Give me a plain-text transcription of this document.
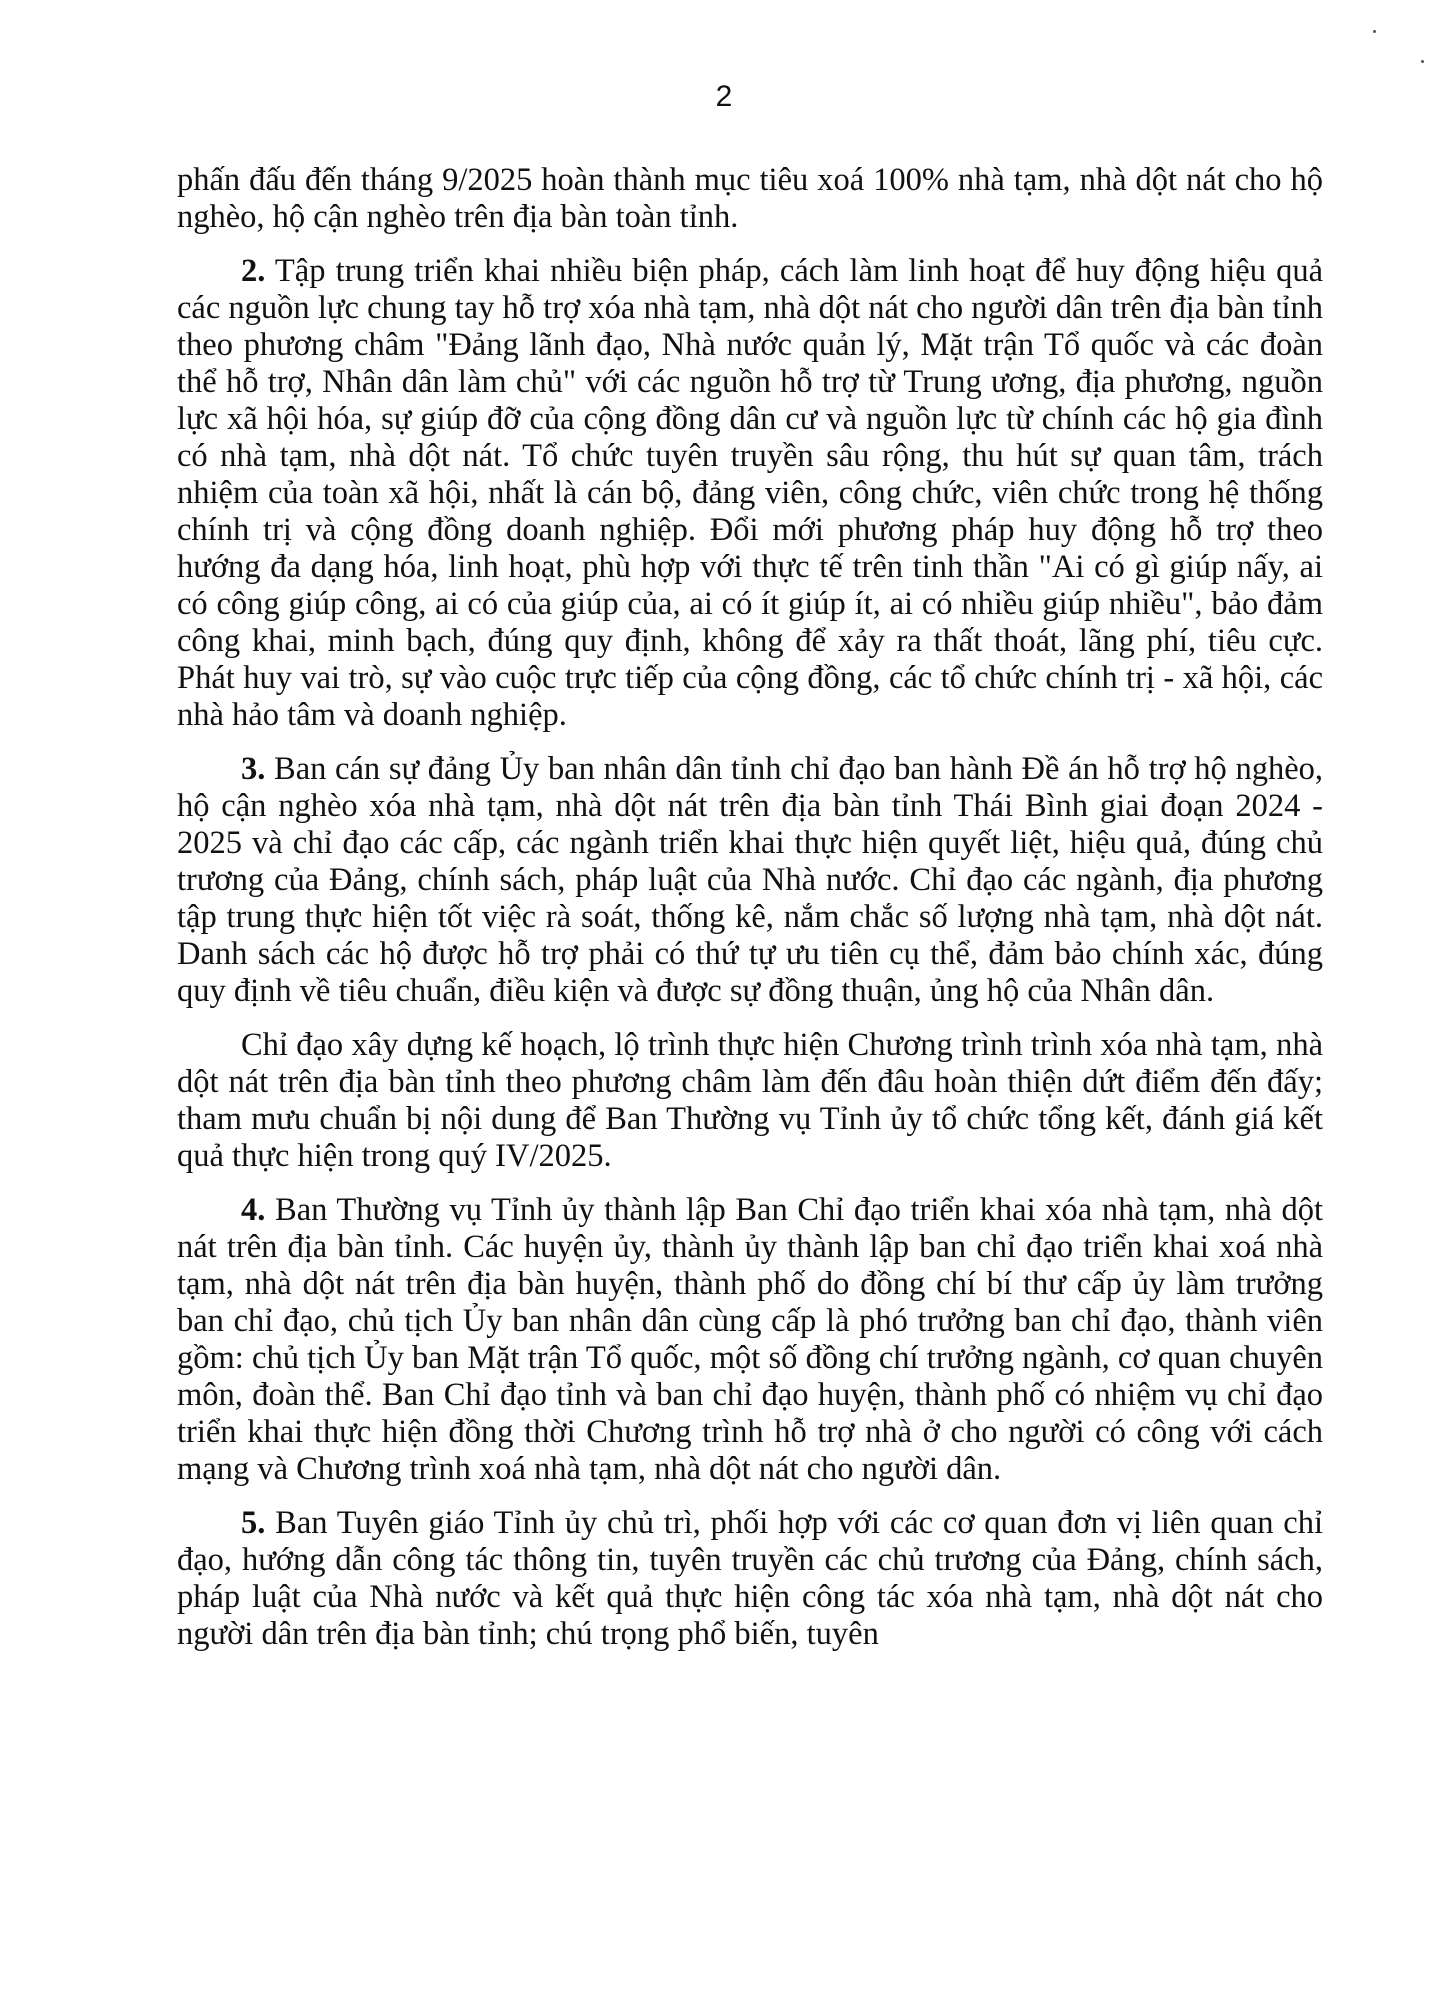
2

phấn đấu đến tháng 9/2025 hoàn thành mục tiêu xoá 100% nhà tạm, nhà dột nát cho hộ nghèo, hộ cận nghèo trên địa bàn toàn tỉnh.

2. Tập trung triển khai nhiều biện pháp, cách làm linh hoạt để huy động hiệu quả các nguồn lực chung tay hỗ trợ xóa nhà tạm, nhà dột nát cho người dân trên địa bàn tỉnh theo phương châm "Đảng lãnh đạo, Nhà nước quản lý, Mặt trận Tổ quốc và các đoàn thể hỗ trợ, Nhân dân làm chủ" với các nguồn hỗ trợ từ Trung ương, địa phương, nguồn lực xã hội hóa, sự giúp đỡ của cộng đồng dân cư và nguồn lực từ chính các hộ gia đình có nhà tạm, nhà dột nát. Tổ chức tuyên truyền sâu rộng, thu hút sự quan tâm, trách nhiệm của toàn xã hội, nhất là cán bộ, đảng viên, công chức, viên chức trong hệ thống chính trị và cộng đồng doanh nghiệp. Đổi mới phương pháp huy động hỗ trợ theo hướng đa dạng hóa, linh hoạt, phù hợp với thực tế trên tinh thần "Ai có gì giúp nấy, ai có công giúp công, ai có của giúp của, ai có ít giúp ít, ai có nhiều giúp nhiều", bảo đảm công khai, minh bạch, đúng quy định, không để xảy ra thất thoát, lãng phí, tiêu cực. Phát huy vai trò, sự vào cuộc trực tiếp của cộng đồng, các tổ chức chính trị - xã hội, các nhà hảo tâm và doanh nghiệp.

3. Ban cán sự đảng Ủy ban nhân dân tỉnh chỉ đạo ban hành Đề án hỗ trợ hộ nghèo, hộ cận nghèo xóa nhà tạm, nhà dột nát trên địa bàn tỉnh Thái Bình giai đoạn 2024 - 2025 và chỉ đạo các cấp, các ngành triển khai thực hiện quyết liệt, hiệu quả, đúng chủ trương của Đảng, chính sách, pháp luật của Nhà nước. Chỉ đạo các ngành, địa phương tập trung thực hiện tốt việc rà soát, thống kê, nắm chắc số lượng nhà tạm, nhà dột nát. Danh sách các hộ được hỗ trợ phải có thứ tự ưu tiên cụ thể, đảm bảo chính xác, đúng quy định về tiêu chuẩn, điều kiện và được sự đồng thuận, ủng hộ của Nhân dân.

Chỉ đạo xây dựng kế hoạch, lộ trình thực hiện Chương trình trình xóa nhà tạm, nhà dột nát trên địa bàn tỉnh theo phương châm làm đến đâu hoàn thiện dứt điểm đến đấy; tham mưu chuẩn bị nội dung để Ban Thường vụ Tỉnh ủy tổ chức tổng kết, đánh giá kết quả thực hiện trong quý IV/2025.

4. Ban Thường vụ Tỉnh ủy thành lập Ban Chỉ đạo triển khai xóa nhà tạm, nhà dột nát trên địa bàn tỉnh. Các huyện ủy, thành ủy thành lập ban chỉ đạo triển khai xoá nhà tạm, nhà dột nát trên địa bàn huyện, thành phố do đồng chí bí thư cấp ủy làm trưởng ban chỉ đạo, chủ tịch Ủy ban nhân dân cùng cấp là phó trưởng ban chỉ đạo, thành viên gồm: chủ tịch Ủy ban Mặt trận Tổ quốc, một số đồng chí trưởng ngành, cơ quan chuyên môn, đoàn thể. Ban Chỉ đạo tỉnh và ban chỉ đạo huyện, thành phố có nhiệm vụ chỉ đạo triển khai thực hiện đồng thời Chương trình hỗ trợ nhà ở cho người có công với cách mạng và Chương trình xoá nhà tạm, nhà dột nát cho người dân.

5. Ban Tuyên giáo Tỉnh ủy chủ trì, phối hợp với các cơ quan đơn vị liên quan chỉ đạo, hướng dẫn công tác thông tin, tuyên truyền các chủ trương của Đảng, chính sách, pháp luật của Nhà nước và kết quả thực hiện công tác xóa nhà tạm, nhà dột nát cho người dân trên địa bàn tỉnh; chú trọng phổ biến, tuyên
